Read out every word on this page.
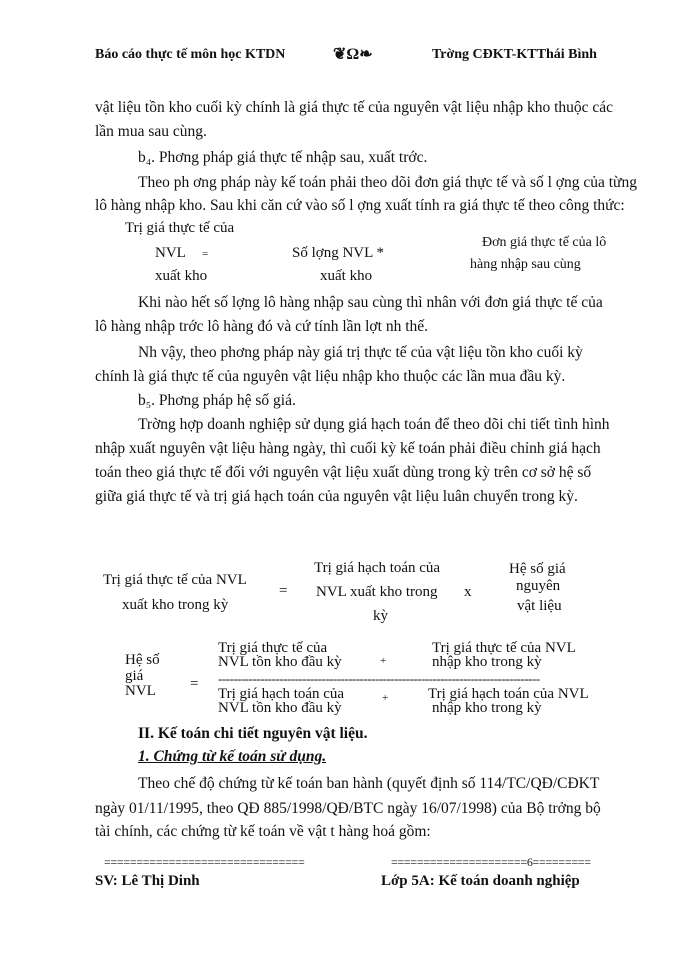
Báo cáo thực tế môn học KTDN	❦Ω❧	Trờng CĐKT-KTThái Bình
vật liệu tồn kho cuối kỳ chính là giá thực tế của nguyên vật liệu nhập kho thuộc các
lần mua sau cùng.
b₄. Phơng pháp giá thực tế nhập sau, xuất trớc.
Theo ph ơng pháp này kế toán phải theo dõi đơn giá thực tế và số l ợng của từng
lô hàng nhập kho. Sau khi căn cứ vào số l ợng xuất tính ra giá thực tế theo công thức:
Trị giá thực tế của
NVL =
xuất kho
Số lợng NVL *
xuất kho
Đơn giá thực tế của lô
hàng nhập sau cùng
Khi nào hết số lợng lô hàng nhập sau cùng thì nhân với đơn giá thực tế của
lô hàng nhập trớc lô hàng đó và cứ tính lần lợt nh thế.
Nh vậy, theo phơng pháp này giá trị thực tế của vật liệu tồn kho cuối kỳ
chính là giá thực tế của nguyên vật liệu nhập kho thuộc các lần mua đầu kỳ.
b₅. Phơng pháp hệ số giá.
Trờng hợp doanh nghiệp sử dụng giá hạch toán để theo dõi chi tiết tình hình
nhập xuất nguyên vật liệu hàng ngày, thì cuối kỳ kế toán phải điều chỉnh giá hạch
toán theo giá thực tế đối với nguyên vật liệu xuất dùng trong kỳ trên cơ sở hệ số
giữa giá thực tế và trị giá hạch toán của nguyên vật liệu luân chuyển trong kỳ.
Trị giá thực tế của NVL
xuất kho trong kỳ
=
Trị giá hạch toán của
NVL xuất kho trong
kỳ
x
Hệ số giá
nguyên
vật liệu
Hệ số
giá
NVL =
Trị giá thực tế của
NVL tồn kho đầu kỳ	+
Trị giá thực tế của NVL
nhập kho trong kỳ
------------------------------------------------------------------------------------
Trị giá hạch toán của
NVL tồn kho đầu kỳ
+	Trị giá hạch toán của NVL
nhập kho trong kỳ
II. Kế toán chi tiết nguyên vật liệu.
1. Chứng từ kế toán sử dụng.
Theo chế độ chứng từ kế toán ban hành (quyết định số 114/TC/QĐ/CĐKT
ngày 01/11/1995, theo QĐ 885/1998/QĐ/BTC ngày 16/07/1998) của Bộ trởng bộ
tài chính, các chứng từ kế toán về vật t hàng hoá gồm:
===============================	=====================6=========
SV: Lê Thị Dinh	Lớp 5A: Kế toán doanh nghiệp
